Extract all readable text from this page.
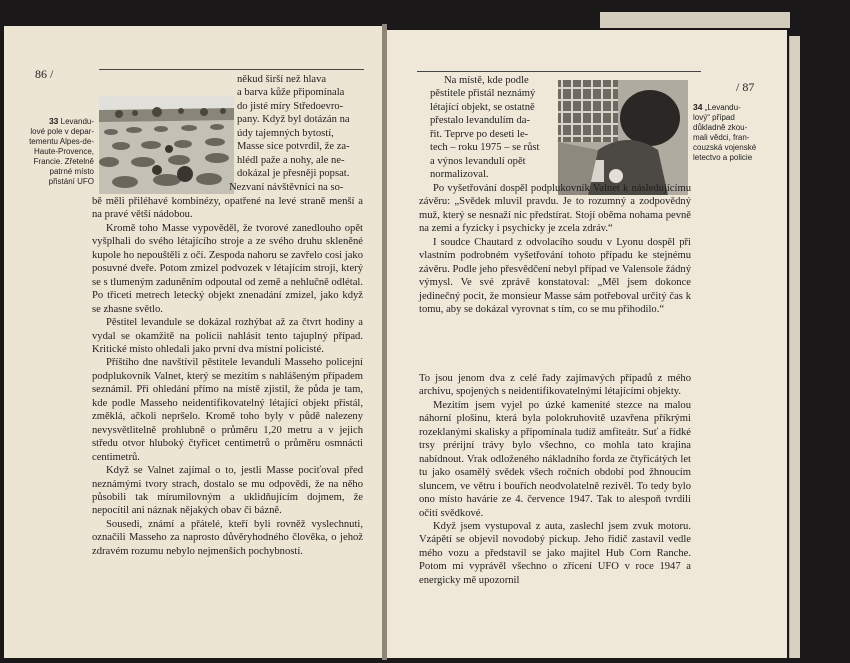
86 /
33 Levandu-
lové pole v depar-
tementu Alpes-de-
Haute-Provence,
Francie. Zřetelně
patrné místo
přistání UFO

někud širší než hlava

a barva kůže připomínala

do jisté míry Středoevro-

pany. Když byl dotázán na

údy tajemných bytostí,

Masse sice potvrdil, že za-

hlédl paže a nohy, ale ne-

dokázal je přesněji popsat.

Nezvaní návštěvníci na so-

bě měli přiléhavé kombinézy, opatřené na levé straně menší a na pravé větší nádobou.

Kromě toho Masse vypověděl, že tvorové zanedlouho opět vyšplhali do svého létajícího stroje a ze svého druhu skleněné kupole ho nepouštěli z očí. Zespoda nahoru se zavřelo cosi jako posuvné dveře. Potom zmizel podvozek v létajícím stroji, který se s tlumeným zaduněním odpoutal od země a nehlučně odlétal. Po třiceti metrech letecký objekt znenadání zmizel, jako když se zhasne světlo.

Pěstitel levandule se dokázal rozhýbat až za čtvrt hodiny a vydal se okamžitě na policii nahlásit tento tajuplný případ. Kritické místo ohledali jako první dva místní policisté.

Příštího dne navštívil pěstitele levandulí Masseho policejní podplukovník Valnet, který se mezitím s nahlášeným případem seznámil. Při ohledání přímo na místě zjistil, že půda je tam, kde podle Masseho neidentifikovatelný létající objekt přistál, změklá, ačkoli nepršelo. Kromě toho byly v půdě nalezeny nevysvětlitelně prohlubně o průměru 1,20 metru a v jejich středu otvor hluboký čtyřicet centimetrů o průměru osmnácti centimetrů.

Když se Valnet zajímal o to, jestli Masse pociťoval před neznámými tvory strach, dostalo se mu odpovědi, že na něho působili tak mírumilovným a uklidňujícím dojmem, že nepocítil ani náznak nějakých obav či bázně.

Sousedi, známí a přátelé, kteří byli rovněž vyslechnuti, označili Masseho za naprosto důvěryhodného člověka, o jehož zdravém rozumu nebylo nejmenších pochybností.

/ 87

Na místě, kde podle

pěstitele přistál neznámý

létající objekt, se ostatně

přestalo levandulím da-

řit. Teprve po deseti le-

tech – roku 1975 – se růst

a výnos levandulí opět

normalizoval.

34 „Levandu-
lový“ případ
důkladně zkou-
mali vědci, fran-
couzská vojenské
letectvo a policie

Po vyšetřování dospěl podplukovník Valnet k následujícímu závěru: „Svědek mluvil pravdu. Je to rozumný a zodpovědný muž, který se nesnaží nic předstírat. Stojí oběma nohama pevně na zemi a fyzicky i psychicky je zcela zdráv.“

I soudce Chautard z odvolacího soudu v Lyonu dospěl při vlastním podrobném vyšetřování tohoto případu ke stejnému závěru. Podle jeho přesvědčení nebyl případ ve Valensole žádný výmysl. Ve své zprávě konstatoval: „Měl jsem dokonce jedinečný pocit, že monsieur Masse sám potřeboval určitý čas k tomu, aby se dokázal vyrovnat s tím, co se mu přihodilo.“

To jsou jenom dva z celé řady zajímavých případů z mého archivu, spojených s neidentifikovatelnými létajícími objekty.

Mezitím jsem vyjel po úzké kamenité stezce na malou náhorní plošinu, která byla polokruhovitě uzavřena příkrými rozeklanými skalisky a připomínala tudíž amfiteátr. Suť a řídké trsy prérijní trávy bylo všechno, co mohla tato krajina nabídnout. Vrak odloženého nákladního forda ze čtyřicátých let tu jako osamělý svědek všech ročních období pod žhnoucím sluncem, ve větru i bouřích neodvolatelně rezivěl. To tedy bylo ono místo havárie ze 4. července 1947. Tak to alespoň tvrdili očití svědkové.

Když jsem vystupoval z auta, zaslechl jsem zvuk motoru. Vzápětí se objevil novodobý pickup. Jeho řidič zastavil vedle mého vozu a představil se jako majitel Hub Corn Ranche. Potom mi vyprávěl všechno o zřícení UFO v roce 1947 a energicky mě upozornil
